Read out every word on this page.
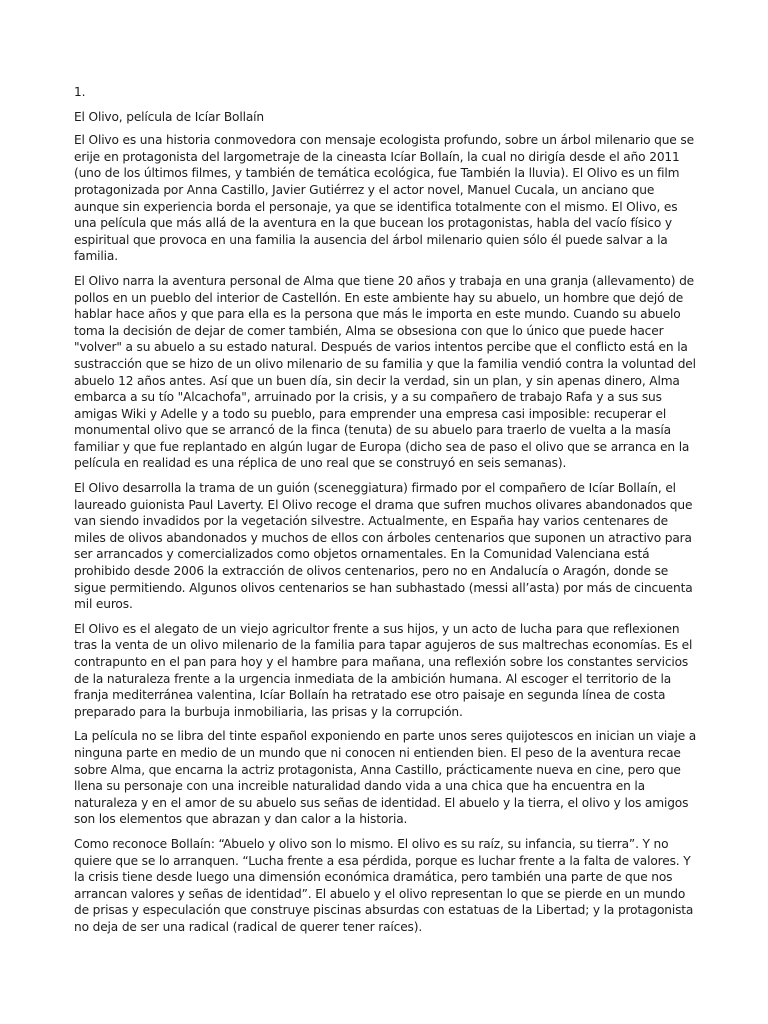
1.

El Olivo, película de Icíar Bollaín

El Olivo es una historia conmovedora con mensaje ecologista profundo, sobre un árbol milenario que se erije en protagonista del largometraje de la cineasta Icíar Bollaín, la cual no dirigía desde el año 2011 (uno de los últimos filmes, y también de temática ecológica, fue También la lluvia). El Olivo es un film protagonizada por Anna Castillo, Javier Gutiérrez y el actor novel, Manuel Cucala, un anciano que aunque sin experiencia borda el personaje, ya que se identifica totalmente con el mismo. El Olivo, es una película que más allá de la aventura en la que bucean los protagonistas, habla del vacío físico y espiritual que provoca en una familia la ausencia del árbol milenario quien sólo él puede salvar a la familia.

El Olivo narra la aventura personal de Alma que tiene 20 años y trabaja en una granja (allevamento) de pollos en un pueblo del interior de Castellón. En este ambiente hay su abuelo, un hombre que dejó de hablar hace años y que para ella es la persona que más le importa en este mundo. Cuando su abuelo toma la decisión de dejar de comer también, Alma se obsesiona con que lo único que puede hacer "volver" a su abuelo a su estado natural. Después de varios intentos percibe que el conflicto está en la sustracción que se hizo de un olivo milenario de su familia y que la familia vendió contra la voluntad del abuelo 12 años antes. Así que un buen día, sin decir la verdad, sin un plan, y sin apenas dinero, Alma embarca a su tío "Alcachofa", arruinado por la crisis, y a su compañero de trabajo Rafa y a sus sus amigas Wiki y Adelle y a todo su pueblo, para emprender una empresa casi imposible: recuperar el monumental olivo que se arrancó de la finca (tenuta) de su abuelo para traerlo de vuelta a la masía familiar y que fue replantado en algún lugar de Europa (dicho sea de paso el olivo que se arranca en la película en realidad es una réplica de uno real que se construyó en seis semanas).

El Olivo desarrolla la trama de un guión (sceneggiatura) firmado por el compañero de Icíar Bollaín, el laureado guionista Paul Laverty. El Olivo recoge el drama que sufren muchos olivares abandonados que van siendo invadidos por la vegetación silvestre. Actualmente, en España hay varios centenares de miles de olivos abandonados y muchos de ellos con árboles centenarios que suponen un atractivo para ser arrancados y comercializados como objetos ornamentales. En la Comunidad Valenciana está prohibido desde 2006 la extracción de olivos centenarios, pero no en Andalucía o Aragón, donde se sigue permitiendo. Algunos olivos centenarios se han subhastado (messi all’asta) por más de cincuenta mil euros.

El Olivo es el alegato de un viejo agricultor frente a sus hijos, y un acto de lucha para que reflexionen tras la venta de un olivo milenario de la familia para tapar agujeros de sus maltrechas economías. Es el contrapunto en el pan para hoy y el hambre para mañana, una reflexión sobre los constantes servicios de la naturaleza frente a la urgencia inmediata de la ambición humana. Al escoger el territorio de la franja mediterránea valentina, Icíar Bollaín ha retratado ese otro paisaje en segunda línea de costa preparado para la burbuja inmobiliaria, las prisas y la corrupción.

La película no se libra del tinte español exponiendo en parte unos seres quijotescos en inician un viaje a ninguna parte en medio de un mundo que ni conocen ni entienden bien. El peso de la aventura recae sobre Alma, que encarna la actriz protagonista, Anna Castillo, prácticamente nueva en cine, pero que llena su personaje con una increible naturalidad dando vida a una chica que ha encuentra en la naturaleza y en el amor de su abuelo sus señas de identidad. El abuelo y la tierra, el olivo y los amigos son los elementos que abrazan y dan calor a la historia.

Como reconoce Bollaín: “Abuelo y olivo son lo mismo. El olivo es su raíz, su infancia, su tierra”. Y no quiere que se lo arranquen. “Lucha frente a esa pérdida, porque es luchar frente a la falta de valores. Y la crisis tiene desde luego una dimensión económica dramática, pero también una parte de que nos arrancan valores y señas de identidad”. El abuelo y el olivo representan lo que se pierde en un mundo de prisas y especulación que construye piscinas absurdas con estatuas de la Libertad; y la protagonista no deja de ser una radical (radical de querer tener raíces).
